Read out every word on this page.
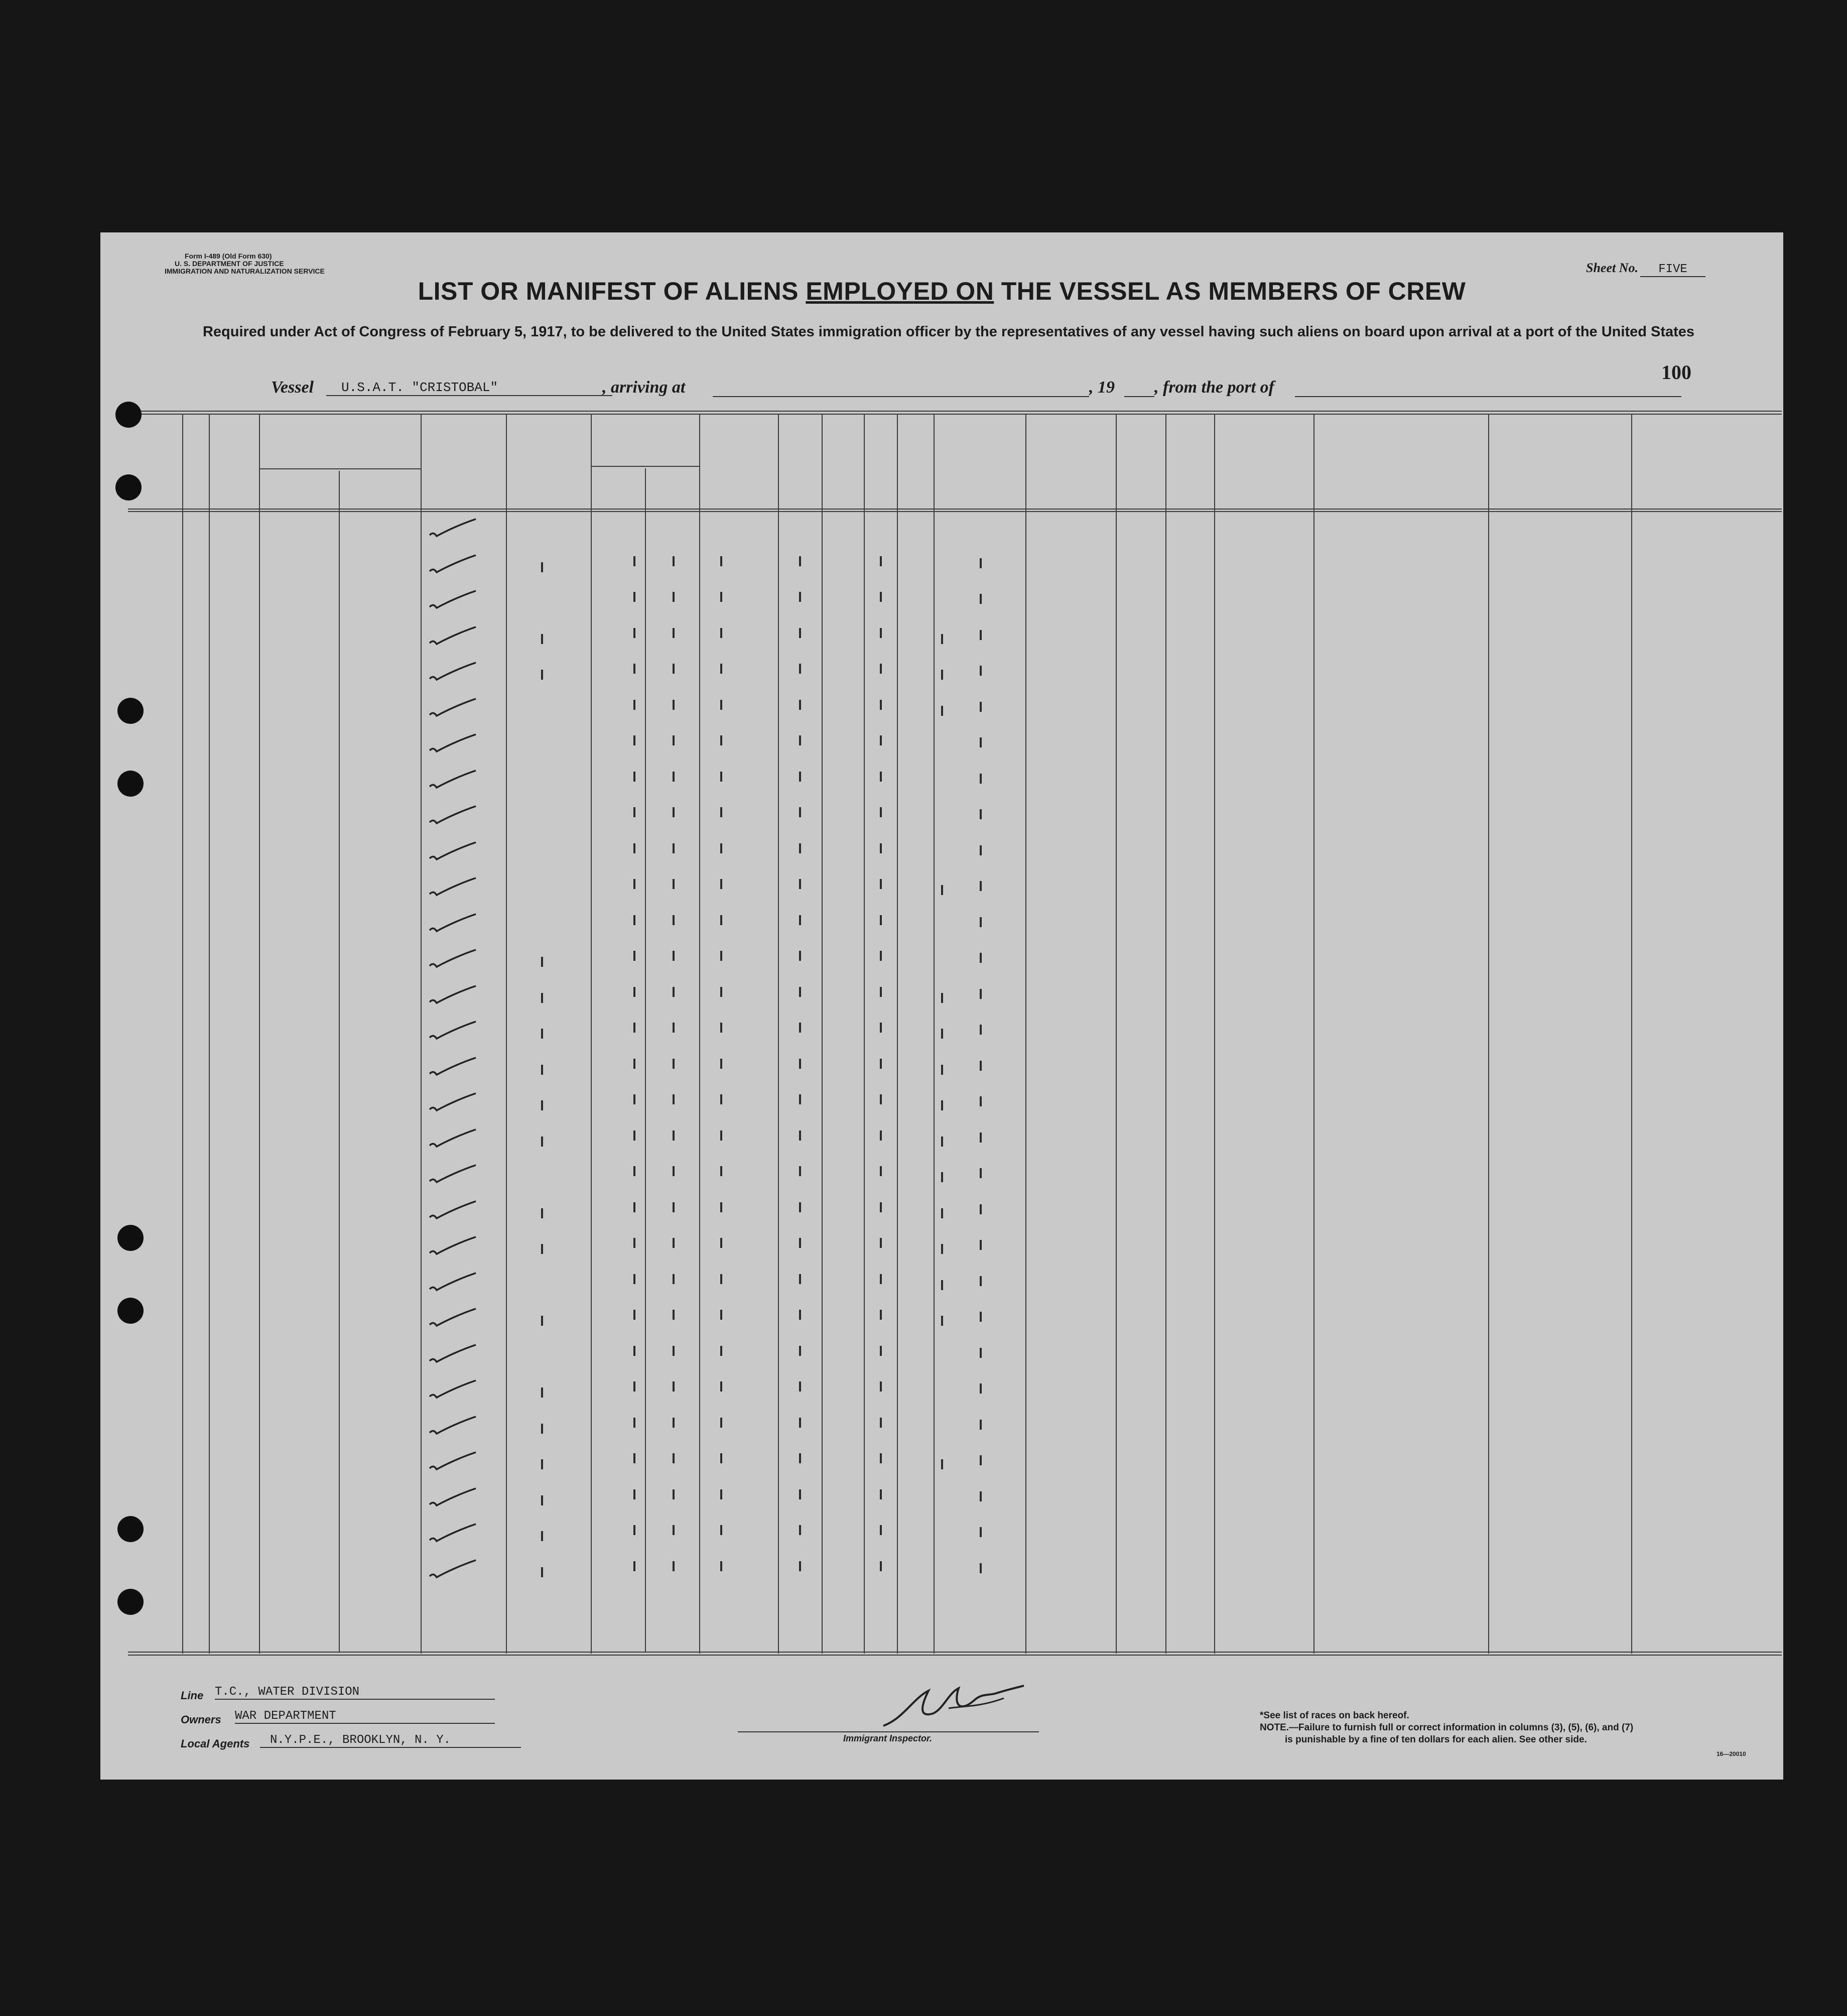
Form I-489 (Old Form 630)
U. S. DEPARTMENT OF JUSTICE
IMMIGRATION AND NATURALIZATION SERVICE	Sheet No. FIVE
LIST OR MANIFEST OF ALIENS EMPLOYED ON THE VESSEL AS MEMBERS OF CREW
Required under Act of Congress of February 5, 1917, to be delivered to the United States immigration officer by the representatives of any vessel having such aliens on board upon arrival at a port of the United States
Vessel	U.S.A.T. "CRISTOBAL"	, arriving at	, 19 , from the port of
100
Line T.C., WATER DIVISION
Owners WAR DEPARTMENT
Local Agents	N.Y.P.E., BROOKLYN, N. Y.	Immigrant Inspector.
*See list of races on back hereof.
NOTE.—Failure to furnish full or correct information in columns (3), (5), (6), and (7)
is punishable by a fine of ten dollars for each alien. See other side.
16—20010
